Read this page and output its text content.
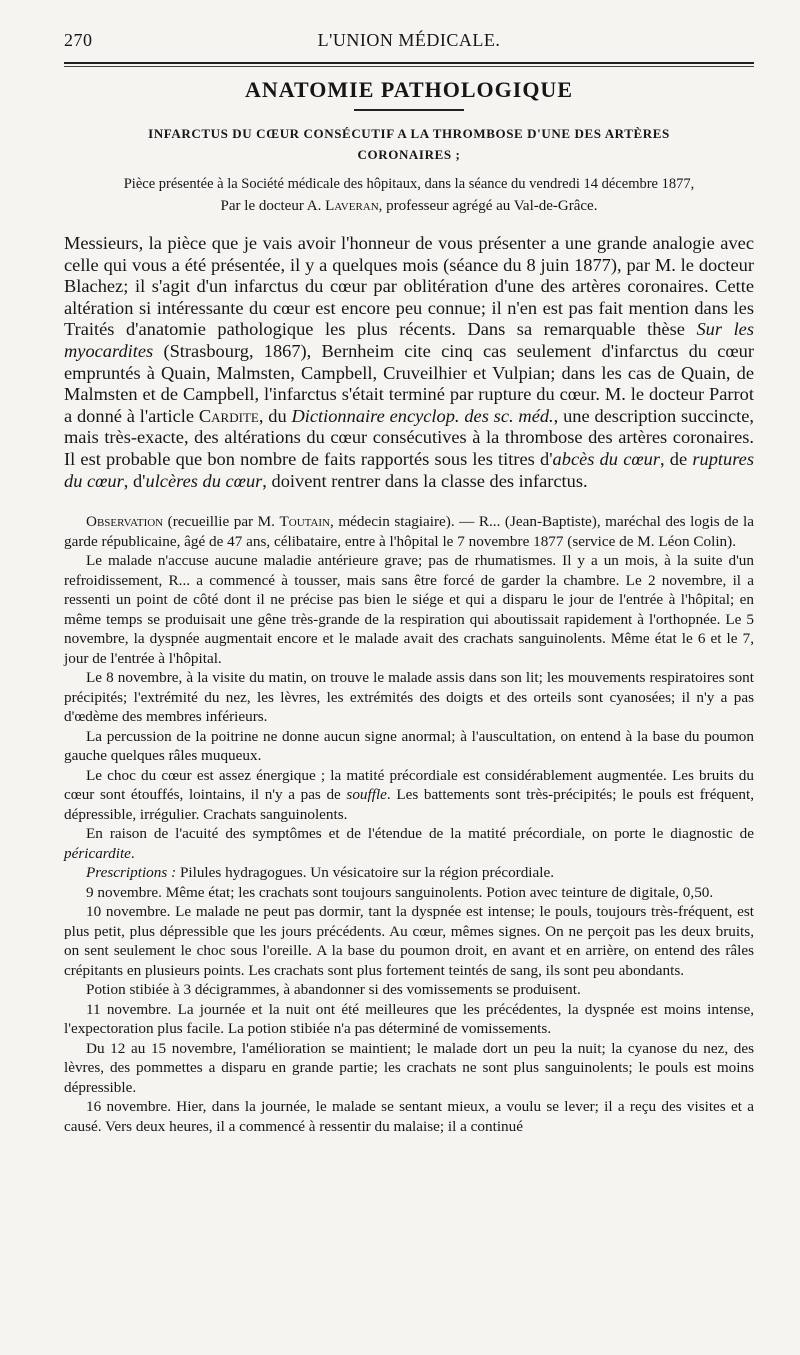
270	L'UNION MÉDICALE.
ANATOMIE PATHOLOGIQUE
INFARCTUS DU CŒUR CONSÉCUTIF A LA THROMBOSE D'UNE DES ARTÈRES
CORONAIRES ;
Pièce présentée à la Société médicale des hôpitaux, dans la séance du vendredi 14 décembre 1877,
Par le docteur A. Laveran, professeur agrégé au Val-de-Grâce.

Messieurs, la pièce que je vais avoir l'honneur de vous présenter a une grande analogie avec celle qui vous a été présentée, il y a quelques mois (séance du 8 juin 1877), par M. le docteur Blachez; il s'agit d'un infarctus du cœur par oblitération d'une des artères coronaires. Cette altération si intéressante du cœur est encore peu connue; il n'en est pas fait mention dans les Traités d'anatomie pathologique les plus récents. Dans sa remarquable thèse Sur les myocardites (Strasbourg, 1867), Bernheim cite cinq cas seulement d'infarctus du cœur empruntés à Quain, Malmsten, Campbell, Cruveilhier et Vulpian; dans les cas de Quain, de Malmsten et de Campbell, l'infarctus s'était terminé par rupture du cœur. M. le docteur Parrot a donné à l'article Cardite, du Dictionnaire encyclop. des sc. méd., une description succincte, mais très-exacte, des altérations du cœur consécutives à la thrombose des artères coronaires. Il est probable que bon nombre de faits rapportés sous les titres d'abcès du cœur, de ruptures du cœur, d'ulcères du cœur, doivent rentrer dans la classe des infarctus.

Observation (recueillie par M. Toutain, médecin stagiaire). — R... (Jean-Baptiste), maréchal des logis de la garde républicaine, âgé de 47 ans, célibataire, entre à l'hôpital le 7 novembre 1877 (service de M. Léon Colin).

Le malade n'accuse aucune maladie antérieure grave; pas de rhumatismes. Il y a un mois, à la suite d'un refroidissement, R... a commencé à tousser, mais sans être forcé de garder la chambre. Le 2 novembre, il a ressenti un point de côté dont il ne précise pas bien le siége et qui a disparu le jour de l'entrée à l'hôpital; en même temps se produisait une gêne très-grande de la respiration qui aboutissait rapidement à l'orthopnée. Le 5 novembre, la dyspnée augmentait encore et le malade avait des crachats sanguinolents. Même état le 6 et le 7, jour de l'entrée à l'hôpital.

Le 8 novembre, à la visite du matin, on trouve le malade assis dans son lit; les mouvements respiratoires sont précipités; l'extrémité du nez, les lèvres, les extrémités des doigts et des orteils sont cyanosées; il n'y a pas d'œdème des membres inférieurs.

La percussion de la poitrine ne donne aucun signe anormal; à l'auscultation, on entend à la base du poumon gauche quelques râles muqueux.

Le choc du cœur est assez énergique ; la matité précordiale est considérablement augmentée. Les bruits du cœur sont étouffés, lointains, il n'y a pas de souffle. Les battements sont très-précipités; le pouls est fréquent, dépressible, irrégulier. Crachats sanguinolents.

En raison de l'acuité des symptômes et de l'étendue de la matité précordiale, on porte le diagnostic de péricardite.

Prescriptions : Pilules hydragogues. Un vésicatoire sur la région précordiale.

9 novembre. Même état; les crachats sont toujours sanguinolents. Potion avec teinture de digitale, 0,50.

10 novembre. Le malade ne peut pas dormir, tant la dyspnée est intense; le pouls, toujours très-fréquent, est plus petit, plus dépressible que les jours précédents. Au cœur, mêmes signes. On ne perçoit pas les deux bruits, on sent seulement le choc sous l'oreille. A la base du poumon droit, en avant et en arrière, on entend des râles crépitants en plusieurs points. Les crachats sont plus fortement teintés de sang, ils sont peu abondants.

Potion stibiée à 3 décigrammes, à abandonner si des vomissements se produisent.

11 novembre. La journée et la nuit ont été meilleures que les précédentes, la dyspnée est moins intense, l'expectoration plus facile. La potion stibiée n'a pas déterminé de vomissements.

Du 12 au 15 novembre, l'amélioration se maintient; le malade dort un peu la nuit; la cyanose du nez, des lèvres, des pommettes a disparu en grande partie; les crachats ne sont plus sanguinolents; le pouls est moins dépressible.

16 novembre. Hier, dans la journée, le malade se sentant mieux, a voulu se lever; il a reçu des visites et a causé. Vers deux heures, il a commencé à ressentir du malaise; il a continué
